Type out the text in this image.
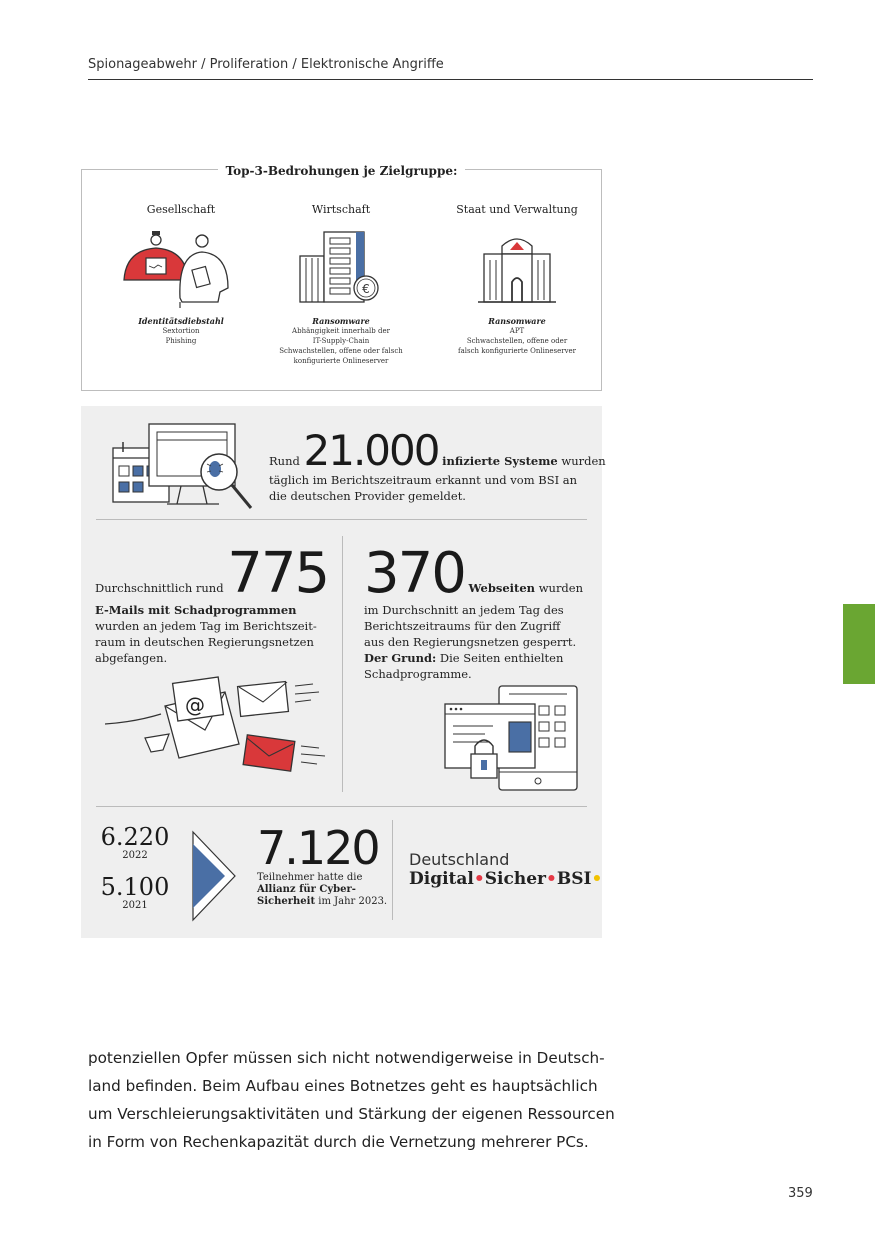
Spionageabwehr / Proliferation / Elektronische Angriffe
Top-3-Bedrohungen je Zielgruppe:
Gesellschaft
Identitätsdiebstahl
Sextortion
Phishing
Wirtschaft
€
Ransomware
Abhängigkeit innerhalb der
IT-Supply-Chain
Schwachstellen, offene oder falsch
konfigurierte Onlineserver
Staat und Verwaltung
Ransomware
APT
Schwachstellen, offene oder
falsch konfigurierte Onlineserver
Rund 21.000 infizierte Systeme wurden
täglich im Berichtszeitraum erkannt und vom BSI an
die deutschen Provider gemeldet.
Durchschnittlich rund 775
E-Mails mit Schadprogrammen
wurden an jedem Tag im Berichtszeit-
raum in deutschen Regierungsnetzen
abgefangen.
@
370 Webseiten wurden
im Durchschnitt an jedem Tag des
Berichtszeitraums für den Zugriff
aus den Regierungsnetzen gesperrt.
Der Grund: Die Seiten enthielten
Schadprogramme.
6.220
2022
5.100
2021
7.120
Teilnehmer hatte die
Allianz für Cyber-
Sicherheit im Jahr 2023.
Deutschland
Digital•Sicher•BSI•
potenziellen Opfer müssen sich nicht notwendigerweise in Deutsch-
land befinden. Beim Aufbau eines Botnetzes geht es hauptsächlich
um Verschleierungsaktivitäten und Stärkung der eigenen Ressourcen
in Form von Rechenkapazität durch die Vernetzung mehrerer PCs.
359
